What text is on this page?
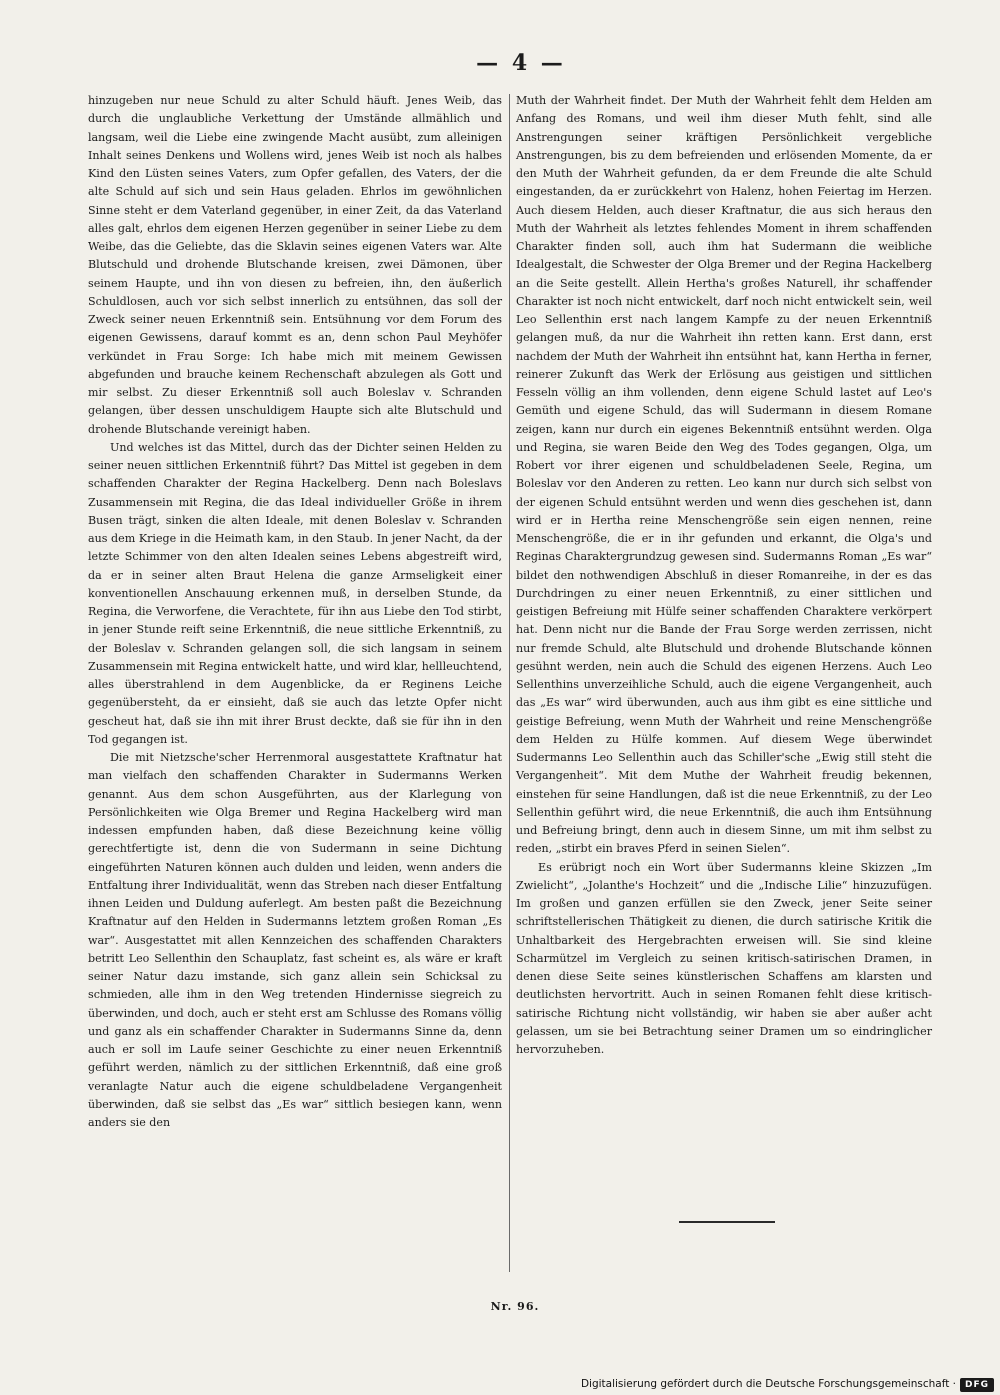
— 4 —

hinzugeben nur neue Schuld zu alter Schuld häuft. Jenes Weib, das durch die unglaubliche Verkettung der Umstände allmählich und langsam, weil die Liebe eine zwingende Macht ausübt, zum alleinigen Inhalt seines Denkens und Wollens wird, jenes Weib ist noch als halbes Kind den Lüsten seines Vaters, zum Opfer gefallen, des Vaters, der die alte Schuld auf sich und sein Haus geladen. Ehrlos im gewöhnlichen Sinne steht er dem Vaterland gegenüber, in einer Zeit, da das Vaterland alles galt, ehrlos dem eigenen Herzen gegenüber in seiner Liebe zu dem Weibe, das die Geliebte, das die Sklavin seines eigenen Vaters war. Alte Blutschuld und drohende Blutschande kreisen, zwei Dämonen, über seinem Haupte, und ihn von diesen zu befreien, ihn, den äußerlich Schuldlosen, auch vor sich selbst innerlich zu entsühnen, das soll der Zweck seiner neuen Erkenntniß sein. Entsühnung vor dem Forum des eigenen Gewissens, darauf kommt es an, denn schon Paul Meyhöfer verkündet in Frau Sorge: Ich habe mich mit meinem Gewissen abgefunden und brauche keinem Rechenschaft abzulegen als Gott und mir selbst. Zu dieser Erkenntniß soll auch Boleslav v. Schranden gelangen, über dessen unschuldigem Haupte sich alte Blutschuld und drohende Blutschande vereinigt haben.

Und welches ist das Mittel, durch das der Dichter seinen Helden zu seiner neuen sittlichen Erkenntniß führt? Das Mittel ist gegeben in dem schaffenden Charakter der Regina Hackelberg. Denn nach Boleslavs Zusammensein mit Regina, die das Ideal individueller Größe in ihrem Busen trägt, sinken die alten Ideale, mit denen Boleslav v. Schranden aus dem Kriege in die Heimath kam, in den Staub. In jener Nacht, da der letzte Schimmer von den alten Idealen seines Lebens abgestreift wird, da er in seiner alten Braut Helena die ganze Armseligkeit einer konventionellen Anschauung erkennen muß, in derselben Stunde, da Regina, die Verworfene, die Verachtete, für ihn aus Liebe den Tod stirbt, in jener Stunde reift seine Erkenntniß, die neue sittliche Erkenntniß, zu der Boleslav v. Schranden gelangen soll, die sich langsam in seinem Zusammensein mit Regina entwickelt hatte, und wird klar, hellleuchtend, alles überstrahlend in dem Augenblicke, da er Reginens Leiche gegenübersteht, da er einsieht, daß sie auch das letzte Opfer nicht gescheut hat, daß sie ihn mit ihrer Brust deckte, daß sie für ihn in den Tod gegangen ist.

Die mit Nietzsche'scher Herrenmoral ausgestattete Kraftnatur hat man vielfach den schaffenden Charakter in Sudermanns Werken genannt. Aus dem schon Ausgeführten, aus der Klarlegung von Persönlichkeiten wie Olga Bremer und Regina Hackelberg wird man indessen empfunden haben, daß diese Bezeichnung keine völlig gerechtfertigte ist, denn die von Sudermann in seine Dichtung eingeführten Naturen können auch dulden und leiden, wenn anders die Entfaltung ihrer Individualität, wenn das Streben nach dieser Entfaltung ihnen Leiden und Duldung auferlegt. Am besten paßt die Bezeichnung Kraftnatur auf den Helden in Sudermanns letztem großen Roman „Es war“. Ausgestattet mit allen Kennzeichen des schaffenden Charakters betritt Leo Sellenthin den Schauplatz, fast scheint es, als wäre er kraft seiner Natur dazu imstande, sich ganz allein sein Schicksal zu schmieden, alle ihm in den Weg tretenden Hindernisse siegreich zu überwinden, und doch, auch er steht erst am Schlusse des Romans völlig und ganz als ein schaffender Charakter in Sudermanns Sinne da, denn auch er soll im Laufe seiner Geschichte zu einer neuen Erkenntniß geführt werden, nämlich zu der sittlichen Erkenntniß, daß eine groß veranlagte Natur auch die eigene schuldbeladene Vergangenheit überwinden, daß sie selbst das „Es war“ sittlich besiegen kann, wenn anders sie den

Muth der Wahrheit findet. Der Muth der Wahrheit fehlt dem Helden am Anfang des Romans, und weil ihm dieser Muth fehlt, sind alle Anstrengungen seiner kräftigen Persönlichkeit vergebliche Anstrengungen, bis zu dem befreienden und erlösenden Momente, da er den Muth der Wahrheit gefunden, da er dem Freunde die alte Schuld eingestanden, da er zurückkehrt von Halenz, hohen Feiertag im Herzen. Auch diesem Helden, auch dieser Kraftnatur, die aus sich heraus den Muth der Wahrheit als letztes fehlendes Moment in ihrem schaffenden Charakter finden soll, auch ihm hat Sudermann die weibliche Idealgestalt, die Schwester der Olga Bremer und der Regina Hackelberg an die Seite gestellt. Allein Hertha's großes Naturell, ihr schaffender Charakter ist noch nicht entwickelt, darf noch nicht entwickelt sein, weil Leo Sellenthin erst nach langem Kampfe zu der neuen Erkenntniß gelangen muß, da nur die Wahrheit ihn retten kann. Erst dann, erst nachdem der Muth der Wahrheit ihn entsühnt hat, kann Hertha in ferner, reinerer Zukunft das Werk der Erlösung aus geistigen und sittlichen Fesseln völlig an ihm vollenden, denn eigene Schuld lastet auf Leo's Gemüth und eigene Schuld, das will Sudermann in diesem Romane zeigen, kann nur durch ein eigenes Bekenntniß entsühnt werden. Olga und Regina, sie waren Beide den Weg des Todes gegangen, Olga, um Robert vor ihrer eigenen und schuldbeladenen Seele, Regina, um Boleslav vor den Anderen zu retten. Leo kann nur durch sich selbst von der eigenen Schuld entsühnt werden und wenn dies geschehen ist, dann wird er in Hertha reine Menschengröße sein eigen nennen, reine Menschengröße, die er in ihr gefunden und erkannt, die Olga's und Reginas Charaktergrundzug gewesen sind. Sudermanns Roman „Es war“ bildet den nothwendigen Abschluß in dieser Romanreihe, in der es das Durchdringen zu einer neuen Erkenntniß, zu einer sittlichen und geistigen Befreiung mit Hülfe seiner schaffenden Charaktere verkörpert hat. Denn nicht nur die Bande der Frau Sorge werden zerrissen, nicht nur fremde Schuld, alte Blutschuld und drohende Blutschande können gesühnt werden, nein auch die Schuld des eigenen Herzens. Auch Leo Sellenthins unverzeihliche Schuld, auch die eigene Vergangenheit, auch das „Es war“ wird überwunden, auch aus ihm gibt es eine sittliche und geistige Befreiung, wenn Muth der Wahrheit und reine Menschengröße dem Helden zu Hülfe kommen. Auf diesem Wege überwindet Sudermanns Leo Sellenthin auch das Schiller'sche „Ewig still steht die Vergangenheit“. Mit dem Muthe der Wahrheit freudig bekennen, einstehen für seine Handlungen, daß ist die neue Erkenntniß, zu der Leo Sellenthin geführt wird, die neue Erkenntniß, die auch ihm Entsühnung und Befreiung bringt, denn auch in diesem Sinne, um mit ihm selbst zu reden, „stirbt ein braves Pferd in seinen Sielen“.

Es erübrigt noch ein Wort über Sudermanns kleine Skizzen „Im Zwielicht“, „Jolanthe's Hochzeit“ und die „Indische Lilie“ hinzuzufügen. Im großen und ganzen erfüllen sie den Zweck, jener Seite seiner schriftstellerischen Thätigkeit zu dienen, die durch satirische Kritik die Unhaltbarkeit des Hergebrachten erweisen will. Sie sind kleine Scharmützel im Vergleich zu seinen kritisch-satirischen Dramen, in denen diese Seite seines künstlerischen Schaffens am klarsten und deutlichsten hervortritt. Auch in seinen Romanen fehlt diese kritisch-satirische Richtung nicht vollständig, wir haben sie aber außer acht gelassen, um sie bei Betrachtung seiner Dramen um so eindringlicher hervorzuheben.

Nr. 96.
Digitalisierung gefördert durch die Deutsche Forschungsgemeinschaft · DFG
